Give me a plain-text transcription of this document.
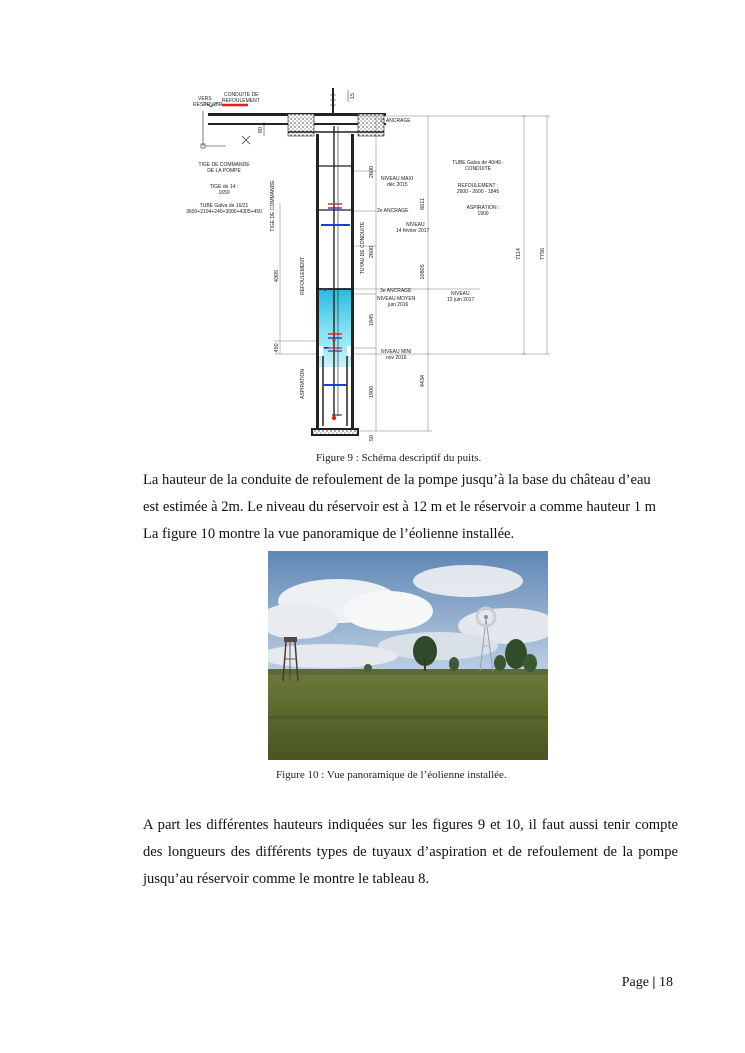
80
15
VERS
RESERVOIR
CONDUITE DE
REFOULEMENT
TIGE DE COMMANDE
DE LA POMPE
TIGE de 14 :
1650
TUBE Galva de 16/21
3600+2104+240+3000+4305+450 TIGE DE COMMANDE
4305	REFOULEMENT
450
ASPIRATION
1° ANCRAGE
2e ANCRAGE
3e ANCRAGE
NIVEAU MAXI
déc 2015
NIVEAU
14 février 2017
NIVEAU MOYEN
juin 2016
NIVEAU
12 juin 2017
NIVEAU MINI
nov 2016
TUBE Galva de 40/49 :
CONDUITE
REFOULEMENT :
2600 - 2600 - 1845
ASPIRATION :
1900
2600
TUYAU DE CONDUITE 2600
1845
1900
50
6611
10805
4434
7114	7756
Figure 9 : Schéma descriptif du puits.

La hauteur de la conduite de refoulement de la pompe jusqu’à la base du château d’eau

est estimée à 2m. Le niveau du réservoir est à 12 m et le réservoir a comme hauteur 1 m

La figure 10 montre la vue panoramique de l’éolienne installée.

Figure 10 : Vue panoramique de l’éolienne installée.

A part les différentes hauteurs indiquées sur les figures 9 et 10, il faut aussi tenir compte des longueurs des différents types de tuyaux d’aspiration et de refoulement de la pompe jusqu’au réservoir comme le montre le tableau 8.

Page | 18
